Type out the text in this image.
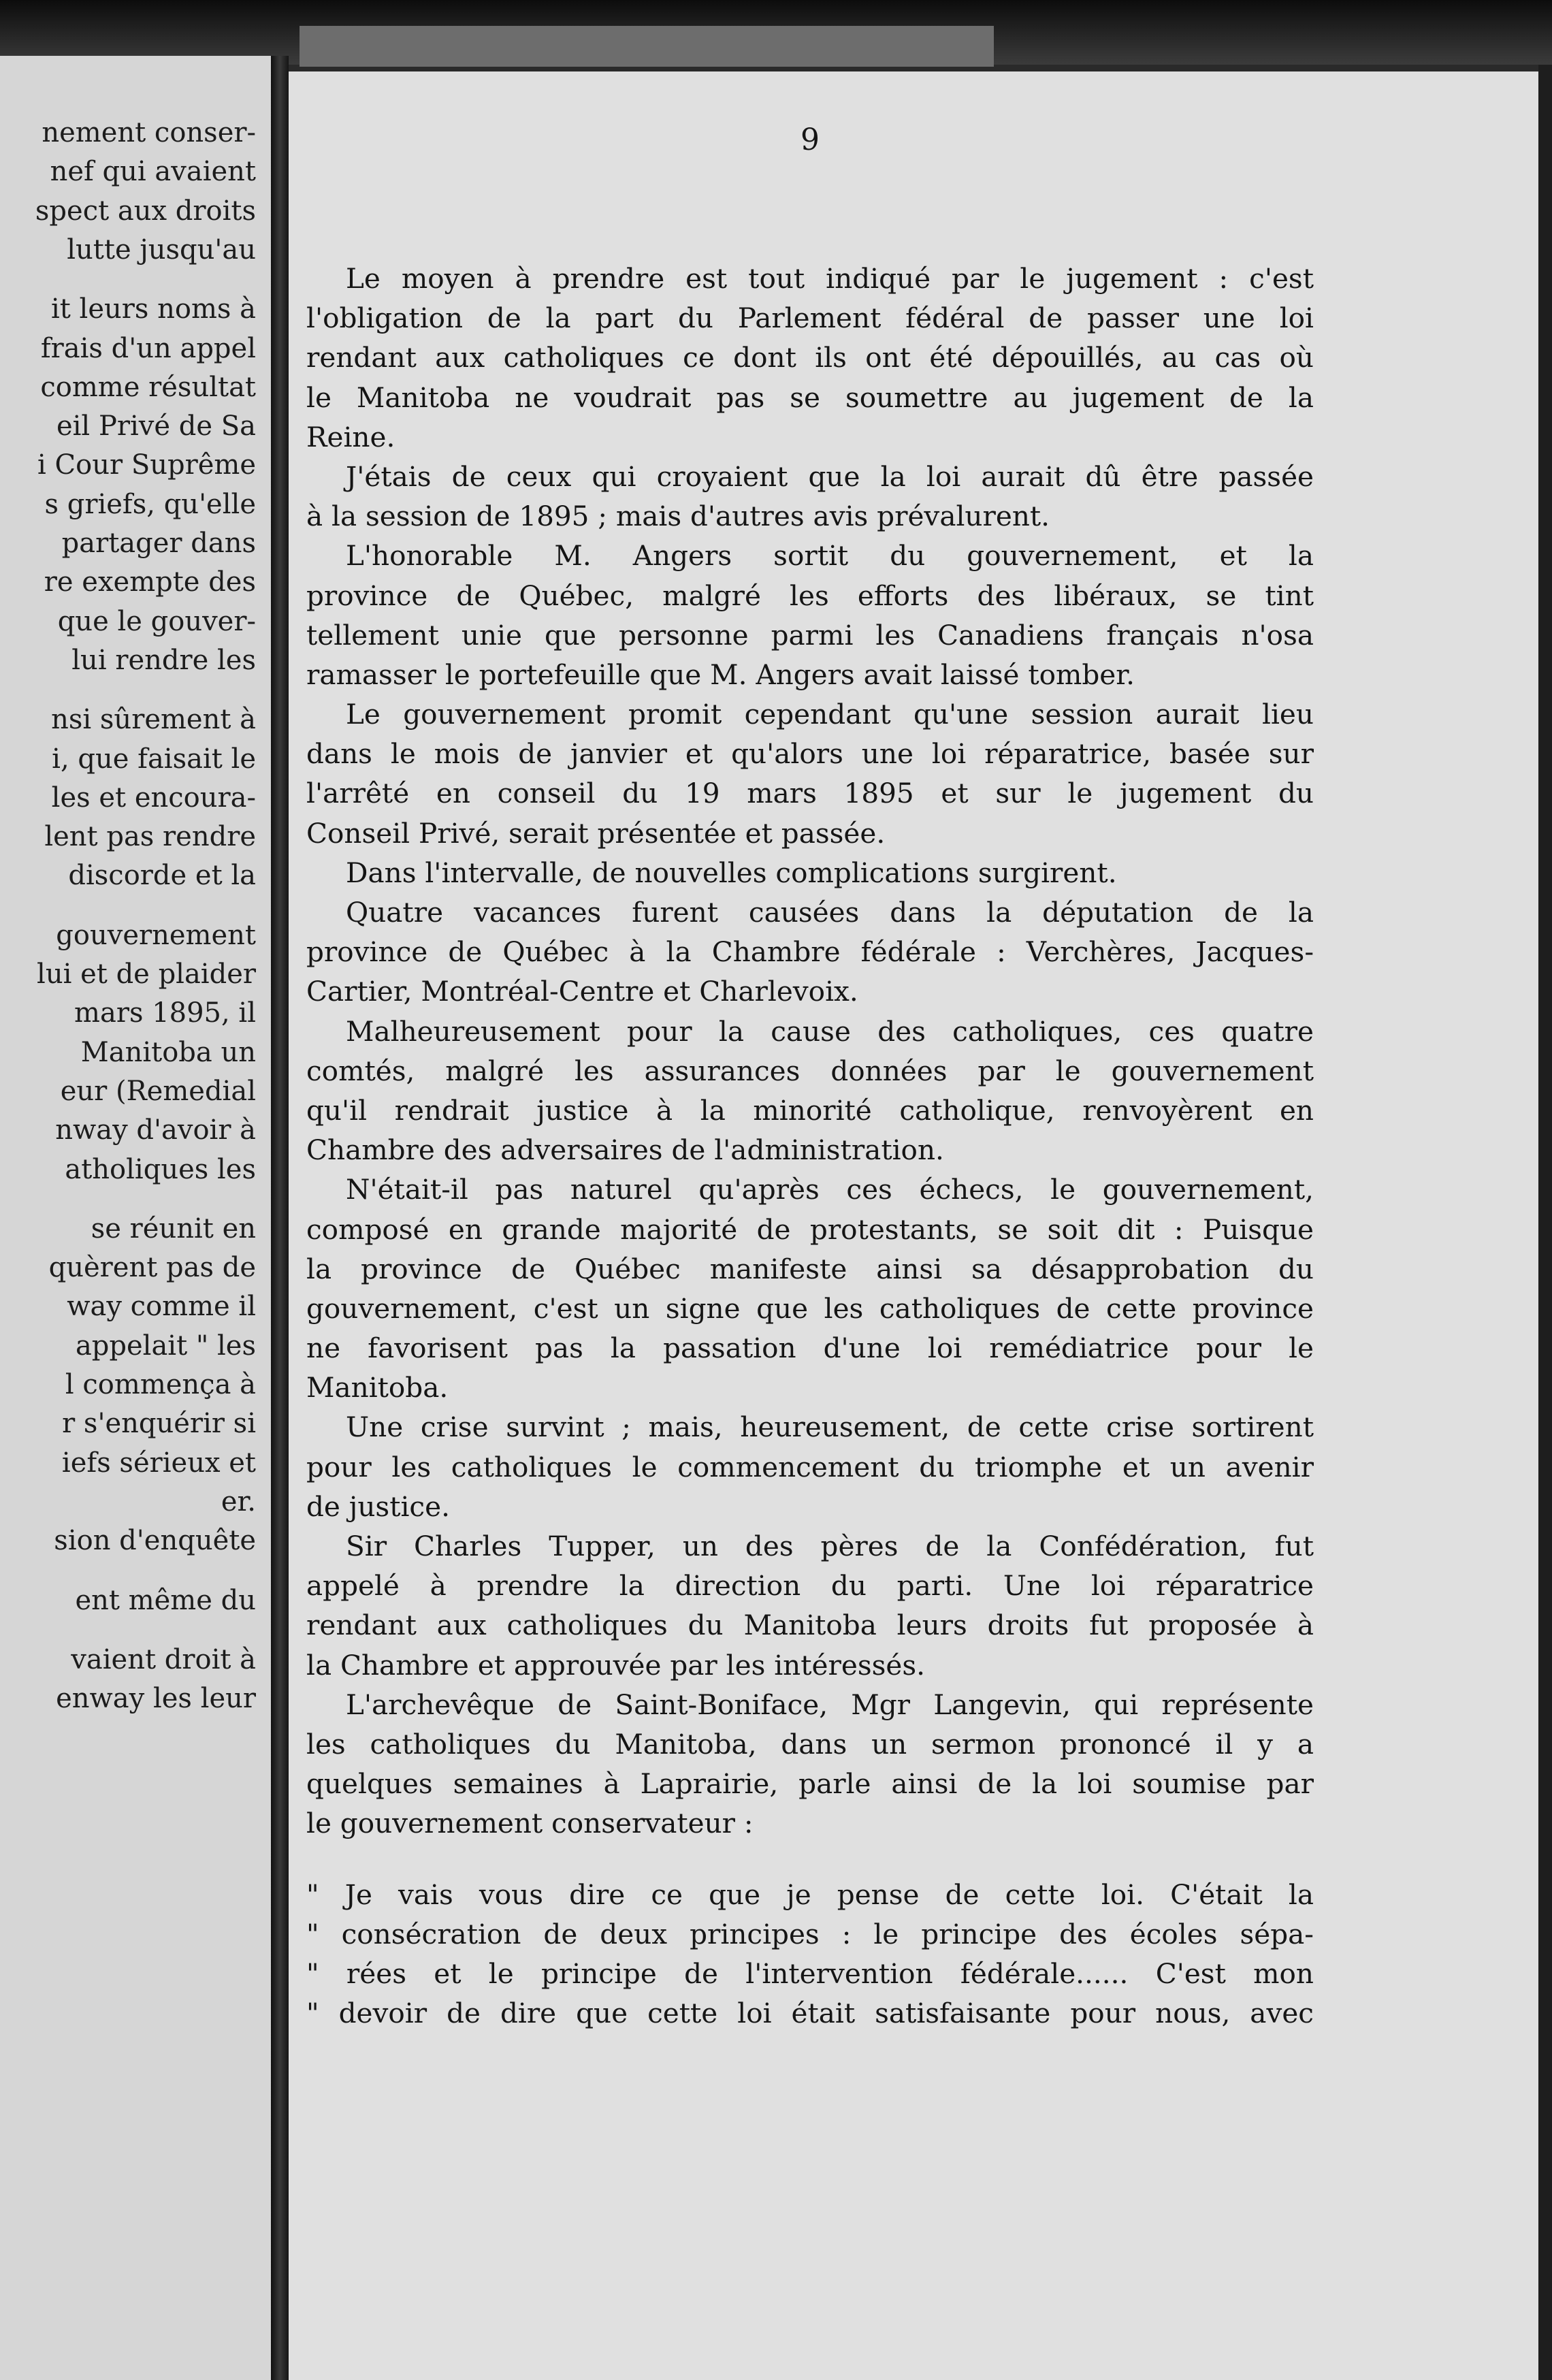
nement conser-
nef qui avaient
spect aux droits
lutte jusqu'au
it leurs noms à
frais d'un appel
comme résultat
eil Privé de Sa
i Cour Suprême
s griefs, qu'elle
partager dans
re exempte des
que le gouver-
lui rendre les
nsi sûrement à
i, que faisait le
les et encoura-
lent pas rendre
discorde et la
gouvernement
lui et de plaider
mars 1895, il
Manitoba un
eur (Remedial
nway d'avoir à
atholiques les
se réunit en
quèrent pas de
way comme il
appelait " les
l commença à
r s'enquérir si
iefs sérieux et
er.
sion d'enquête
ent même du
vaient droit à
enway les leur
9
Le moyen à prendre est tout indiqué par le jugement : c'est
l'obligation de la part du Parlement fédéral de passer une loi
rendant aux catholiques ce dont ils ont été dépouillés, au cas où
le Manitoba ne voudrait pas se soumettre au jugement de la
Reine.
J'étais de ceux qui croyaient que la loi aurait dû être passée
à la session de 1895 ; mais d'autres avis prévalurent.
L'honorable M. Angers sortit du gouvernement, et la
province de Québec, malgré les efforts des libéraux, se tint
tellement unie que personne parmi les Canadiens français n'osa
ramasser le portefeuille que M. Angers avait laissé tomber.
Le gouvernement promit cependant qu'une session aurait lieu
dans le mois de janvier et qu'alors une loi réparatrice, basée sur
l'arrêté en conseil du 19 mars 1895 et sur le jugement du
Conseil Privé, serait présentée et passée.
Dans l'intervalle, de nouvelles complications surgirent.
Quatre vacances furent causées dans la députation de la
province de Québec à la Chambre fédérale : Verchères, Jacques-
Cartier, Montréal-Centre et Charlevoix.
Malheureusement pour la cause des catholiques, ces quatre
comtés, malgré les assurances données par le gouvernement
qu'il rendrait justice à la minorité catholique, renvoyèrent en
Chambre des adversaires de l'administration.
N'était-il pas naturel qu'après ces échecs, le gouvernement,
composé en grande majorité de protestants, se soit dit : Puisque
la province de Québec manifeste ainsi sa désapprobation du
gouvernement, c'est un signe que les catholiques de cette province
ne favorisent pas la passation d'une loi remédiatrice pour le
Manitoba.
Une crise survint ; mais, heureusement, de cette crise sortirent
pour les catholiques le commencement du triomphe et un avenir
de justice.
Sir Charles Tupper, un des pères de la Confédération, fut
appelé à prendre la direction du parti. Une loi réparatrice
rendant aux catholiques du Manitoba leurs droits fut proposée à
la Chambre et approuvée par les intéressés.
L'archevêque de Saint-Boniface, Mgr Langevin, qui représente
les catholiques du Manitoba, dans un sermon prononcé il y a
quelques semaines à Laprairie, parle ainsi de la loi soumise par
le gouvernement conservateur :
" Je vais vous dire ce que je pense de cette loi. C'était la
" consécration de deux principes : le principe des écoles sépa-
" rées et le principe de l'intervention fédérale...... C'est mon
" devoir de dire que cette loi était satisfaisante pour nous, avec
